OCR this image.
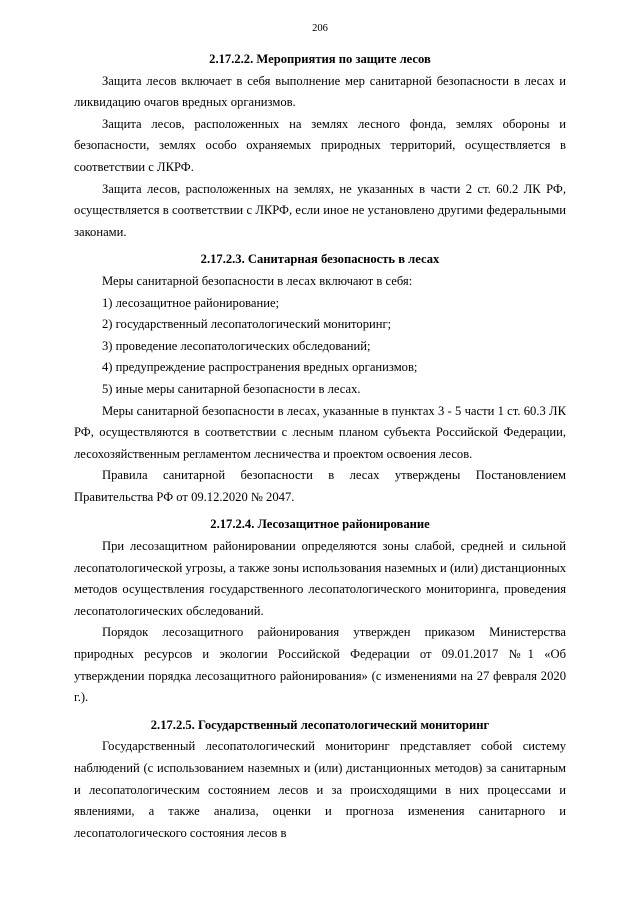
206
2.17.2.2. Мероприятия по защите лесов

Защита лесов включает в себя выполнение мер санитарной безопасности в лесах и ликвидацию очагов вредных организмов.

Защита лесов, расположенных на землях лесного фонда, землях обороны и безопасности, землях особо охраняемых природных территорий, осуществляется в соответствии с ЛКРФ.

Защита лесов, расположенных на землях, не указанных в части 2 ст. 60.2 ЛК РФ, осуществляется в соответствии с ЛКРФ, если иное не установлено другими федеральными законами.

2.17.2.3. Санитарная безопасность в лесах

Меры санитарной безопасности в лесах включают в себя:

1) лесозащитное районирование;

2) государственный лесопатологический мониторинг;

3) проведение лесопатологических обследований;

4) предупреждение распространения вредных организмов;

5) иные меры санитарной безопасности в лесах.

Меры санитарной безопасности в лесах, указанные в пунктах 3 - 5 части 1 ст. 60.3 ЛК РФ, осуществляются в соответствии с лесным планом субъекта Российской Федерации, лесохозяйственным регламентом лесничества и проектом освоения лесов.

Правила санитарной безопасности в лесах утверждены Постановлением Правительства РФ от 09.12.2020 № 2047.

2.17.2.4. Лесозащитное районирование

При лесозащитном районировании определяются зоны слабой, средней и сильной лесопатологической угрозы, а также зоны использования наземных и (или) дистанционных методов осуществления государственного лесопатологического мониторинга, проведения лесопатологических обследований.

Порядок лесозащитного районирования утвержден приказом Министерства природных ресурсов и экологии Российской Федерации от 09.01.2017 №1 «Об утверждении порядка лесозащитного районирования» (с изменениями на 27 февраля 2020 г.).

2.17.2.5. Государственный лесопатологический мониторинг

Государственный лесопатологический мониторинг представляет собой систему наблюдений (с использованием наземных и (или) дистанционных методов) за санитарным и лесопатологическим состоянием лесов и за происходящими в них процессами и явлениями, а также анализа, оценки и прогноза изменения санитарного и лесопатологического состояния лесов в
